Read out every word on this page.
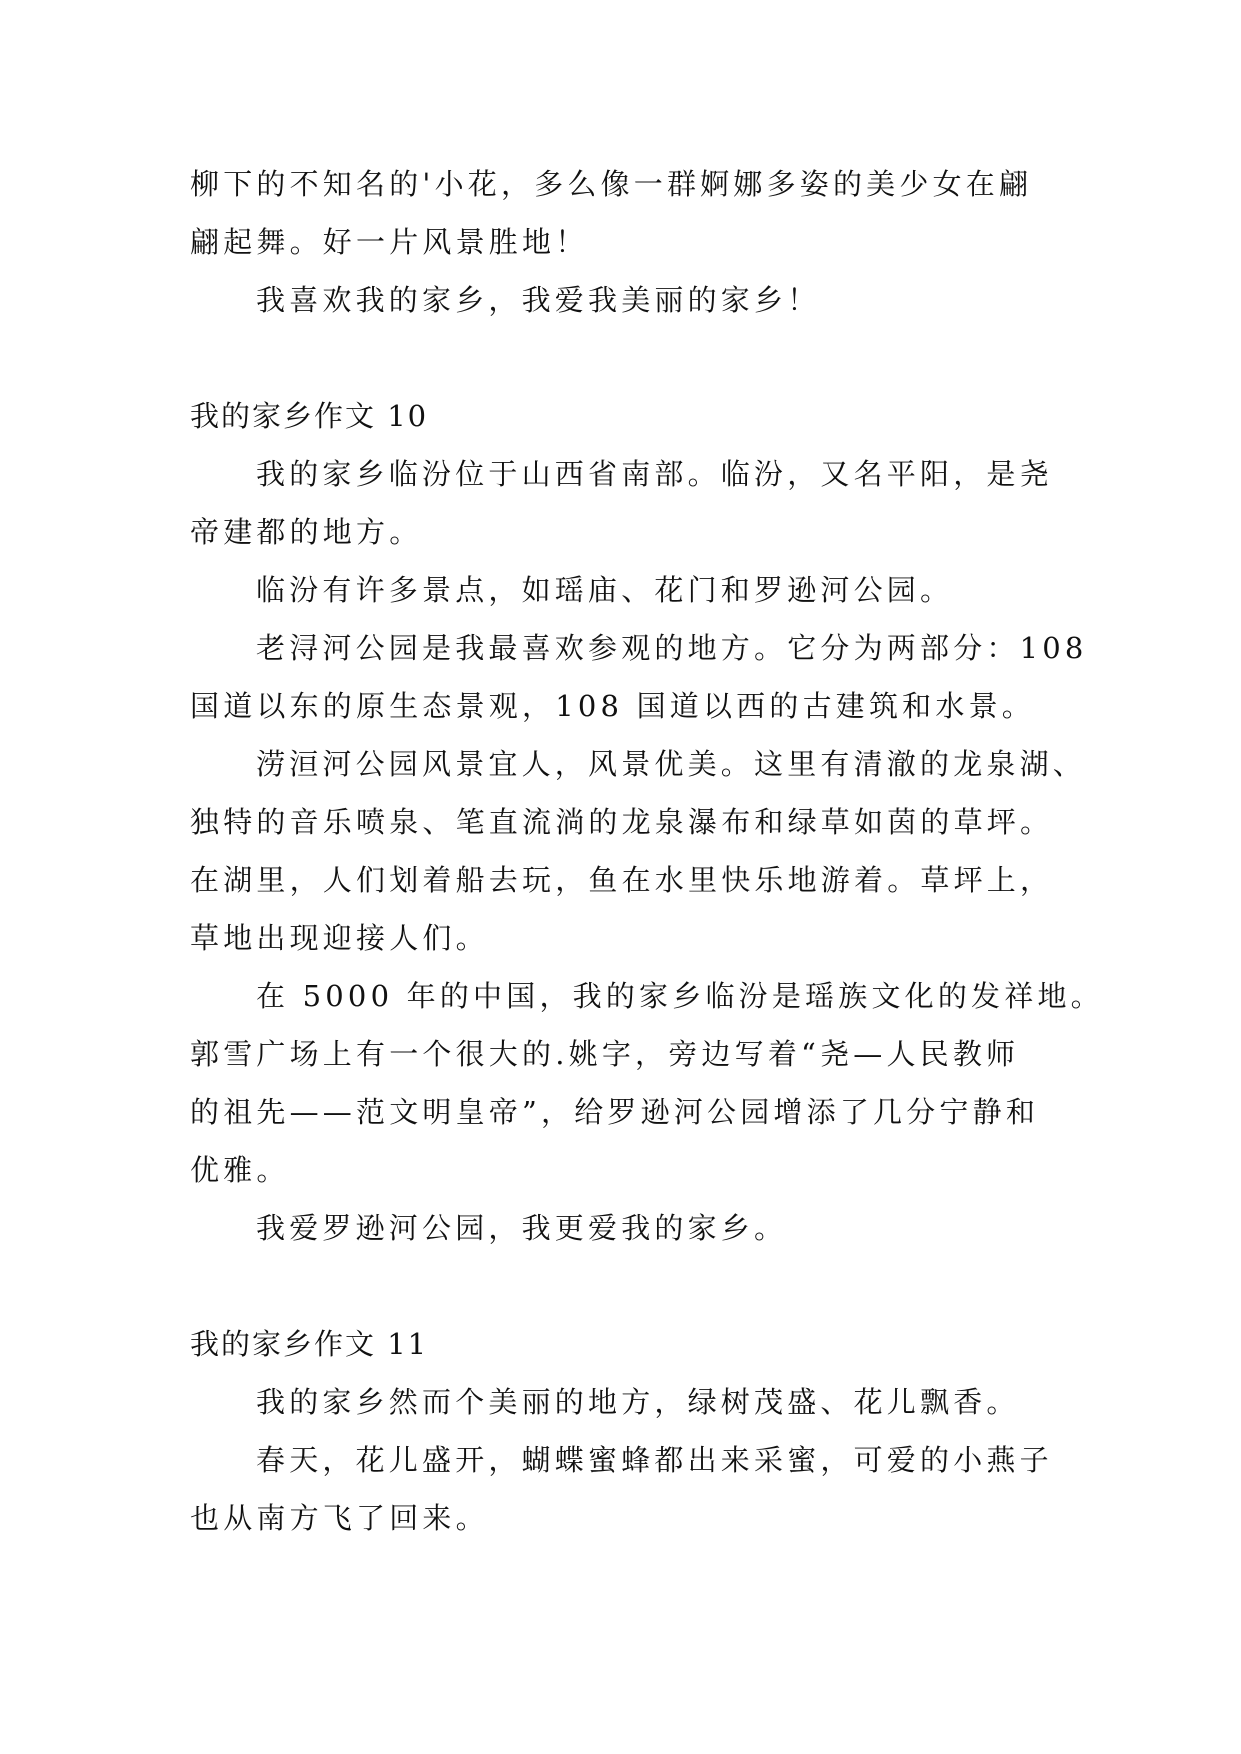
柳下的不知名的'小花，多么像一群婀娜多姿的美少女在翩
翩起舞。好一片风景胜地！
我喜欢我的家乡，我爱我美丽的家乡！
我的家乡作文 10
我的家乡临汾位于山西省南部。临汾，又名平阳，是尧
帝建都的地方。
临汾有许多景点，如瑶庙、花门和罗逊河公园。
老浔河公园是我最喜欢参观的地方。它分为两部分：108
国道以东的原生态景观，108 国道以西的古建筑和水景。
涝洹河公园风景宜人，风景优美。这里有清澈的龙泉湖、
独特的音乐喷泉、笔直流淌的龙泉瀑布和绿草如茵的草坪。
在湖里，人们划着船去玩，鱼在水里快乐地游着。草坪上，
草地出现迎接人们。
在 5000 年的中国，我的家乡临汾是瑶族文化的发祥地。
郭雪广场上有一个很大的.姚字，旁边写着“尧—人民教师
的祖先——范文明皇帝”，给罗逊河公园增添了几分宁静和
优雅。
我爱罗逊河公园，我更爱我的家乡。
我的家乡作文 11
我的家乡然而个美丽的地方，绿树茂盛、花儿飘香。
春天，花儿盛开，蝴蝶蜜蜂都出来采蜜，可爱的小燕子
也从南方飞了回来。
